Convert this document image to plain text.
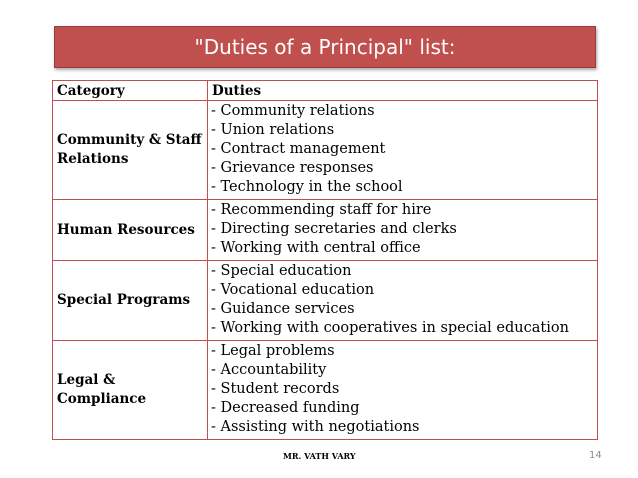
"Duties of a Principal" list:
Category	Duties
Community & Staff Relations	- Community relations
- Union relations
- Contract management
- Grievance responses
- Technology in the school

Human Resources	- Recommending staff for hire
- Directing secretaries and clerks
- Working with central office

Special Programs	- Special education
- Vocational education
- Guidance services
- Working with cooperatives in special education

Legal & Compliance	- Legal problems
- Accountability
- Student records
- Decreased funding
- Assisting with negotiations
MR. VATH VARY	14
